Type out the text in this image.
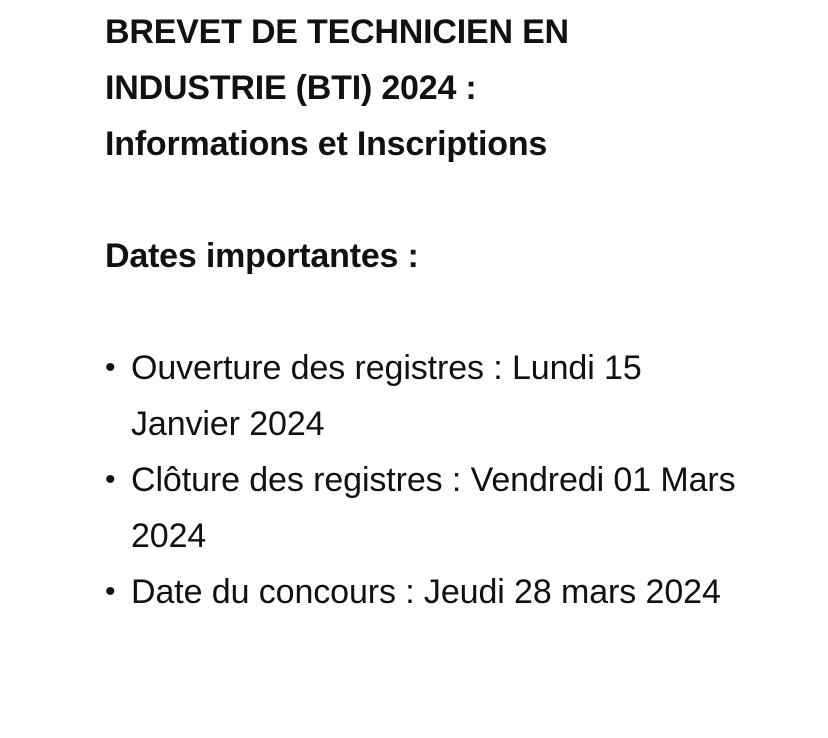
BREVET DE TECHNICIEN EN
INDUSTRIE (BTI) 2024 :
Informations et Inscriptions
Dates importantes :
• Ouverture des registres : Lundi 15 Janvier 2024
• Clôture des registres : Vendredi 01 Mars 2024
• Date du concours : Jeudi 28 mars 2024
